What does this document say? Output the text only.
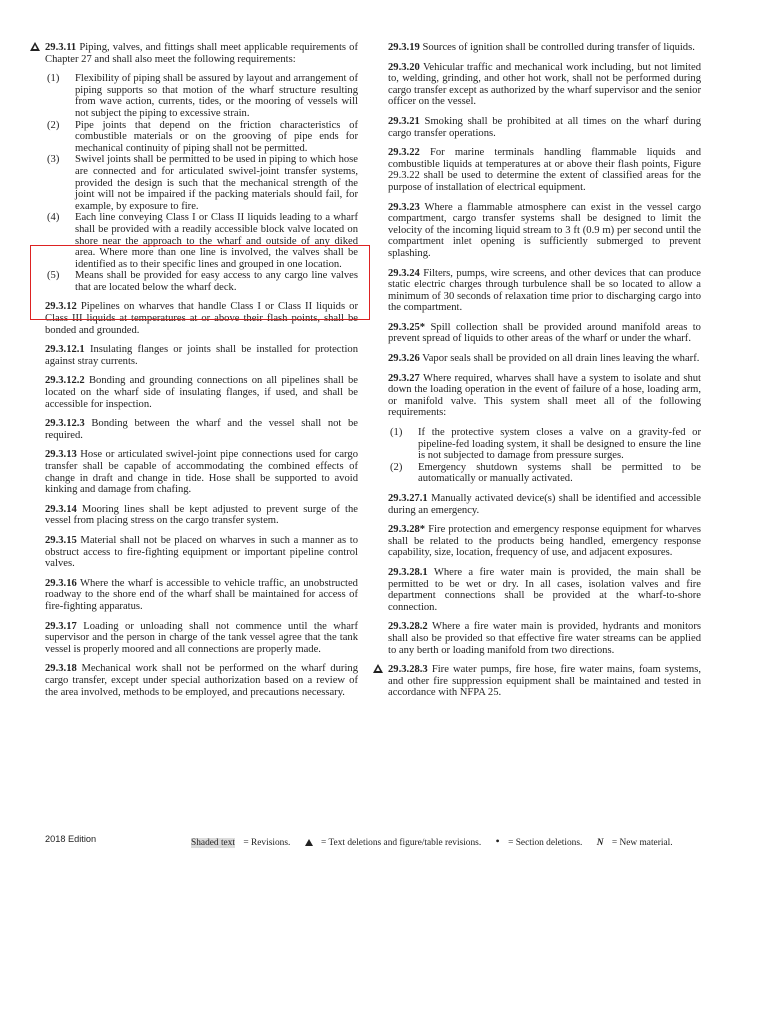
29.3.11 Piping, valves, and fittings shall meet applicable requirements of Chapter 27 and shall also meet the following requirements:

(1)	Flexibility of piping shall be assured by layout and arrangement of piping supports so that motion of the wharf structure resulting from wave action, currents, tides, or the mooring of vessels will not subject the piping to excessive strain.
(2)	Pipe joints that depend on the friction characteristics of combustible materials or on the grooving of pipe ends for mechanical continuity of piping shall not be permitted.
(3)	Swivel joints shall be permitted to be used in piping to which hose are connected and for articulated swivel-joint transfer systems, provided the design is such that the mechanical strength of the joint will not be impaired if the packing materials should fail, for example, by exposure to fire.
(4)	Each line conveying Class I or Class II liquids leading to a wharf shall be provided with a readily accessible block valve located on shore near the approach to the wharf and outside of any diked area. Where more than one line is involved, the valves shall be identified as to their specific lines and grouped in one location.
(5)	Means shall be provided for easy access to any cargo line valves that are located below the wharf deck.

29.3.12 Pipelines on wharves that handle Class I or Class II liquids or Class III liquids at temperatures at or above their flash points, shall be bonded and grounded.

29.3.12.1 Insulating flanges or joints shall be installed for protection against stray currents.

29.3.12.2 Bonding and grounding connections on all pipelines shall be located on the wharf side of insulating flanges, if used, and shall be accessible for inspection.

29.3.12.3 Bonding between the wharf and the vessel shall not be required.

29.3.13 Hose or articulated swivel-joint pipe connections used for cargo transfer shall be capable of accommodating the combined effects of change in draft and change in tide. Hose shall be supported to avoid kinking and damage from chafing.

29.3.14 Mooring lines shall be kept adjusted to prevent surge of the vessel from placing stress on the cargo transfer system.

29.3.15 Material shall not be placed on wharves in such a manner as to obstruct access to fire-fighting equipment or important pipeline control valves.

29.3.16 Where the wharf is accessible to vehicle traffic, an unobstructed roadway to the shore end of the wharf shall be maintained for access of fire-fighting apparatus.

29.3.17 Loading or unloading shall not commence until the wharf supervisor and the person in charge of the tank vessel agree that the tank vessel is properly moored and all connections are properly made.

29.3.18 Mechanical work shall not be performed on the wharf during cargo transfer, except under special authorization based on a review of the area involved, methods to be employed, and precautions necessary.

29.3.19 Sources of ignition shall be controlled during transfer of liquids.

29.3.20 Vehicular traffic and mechanical work including, but not limited to, welding, grinding, and other hot work, shall not be performed during cargo transfer except as authorized by the wharf supervisor and the senior officer on the vessel.

29.3.21 Smoking shall be prohibited at all times on the wharf during cargo transfer operations.

29.3.22 For marine terminals handling flammable liquids and combustible liquids at temperatures at or above their flash points, Figure 29.3.22 shall be used to determine the extent of classified areas for the purpose of installation of electrical equipment.

29.3.23 Where a flammable atmosphere can exist in the vessel cargo compartment, cargo transfer systems shall be designed to limit the velocity of the incoming liquid stream to 3 ft (0.9 m) per second until the compartment inlet opening is sufficiently submerged to prevent splashing.

29.3.24 Filters, pumps, wire screens, and other devices that can produce static electric charges through turbulence shall be so located to allow a minimum of 30 seconds of relaxation time prior to discharging cargo into the compartment.

29.3.25* Spill collection shall be provided around manifold areas to prevent spread of liquids to other areas of the wharf or under the wharf.

29.3.26 Vapor seals shall be provided on all drain lines leaving the wharf.

29.3.27 Where required, wharves shall have a system to isolate and shut down the loading operation in the event of failure of a hose, loading arm, or manifold valve. This system shall meet all of the following requirements:

(1)	If the protective system closes a valve on a gravity-fed or pipeline-fed loading system, it shall be designed to ensure the line is not subjected to damage from pressure surges.
(2)	Emergency shutdown systems shall be permitted to be automatically or manually activated.

29.3.27.1 Manually activated device(s) shall be identified and accessible during an emergency.

29.3.28* Fire protection and emergency response equipment for wharves shall be related to the products being handled, emergency response capability, size, location, frequency of use, and adjacent exposures.

29.3.28.1 Where a fire water main is provided, the main shall be permitted to be wet or dry. In all cases, isolation valves and fire department connections shall be provided at the wharf-to-shore connection.

29.3.28.2 Where a fire water main is provided, hydrants and monitors shall also be provided so that effective fire water streams can be applied to any berth or loading manifold from two directions.

29.3.28.3 Fire water pumps, fire hose, fire water mains, foam systems, and other fire suppression equipment shall be maintained and tested in accordance with NFPA 25.

2018 Edition	Shaded text = Revisions.	= Text deletions and figure/table revisions. • = Section deletions. N = New material.
